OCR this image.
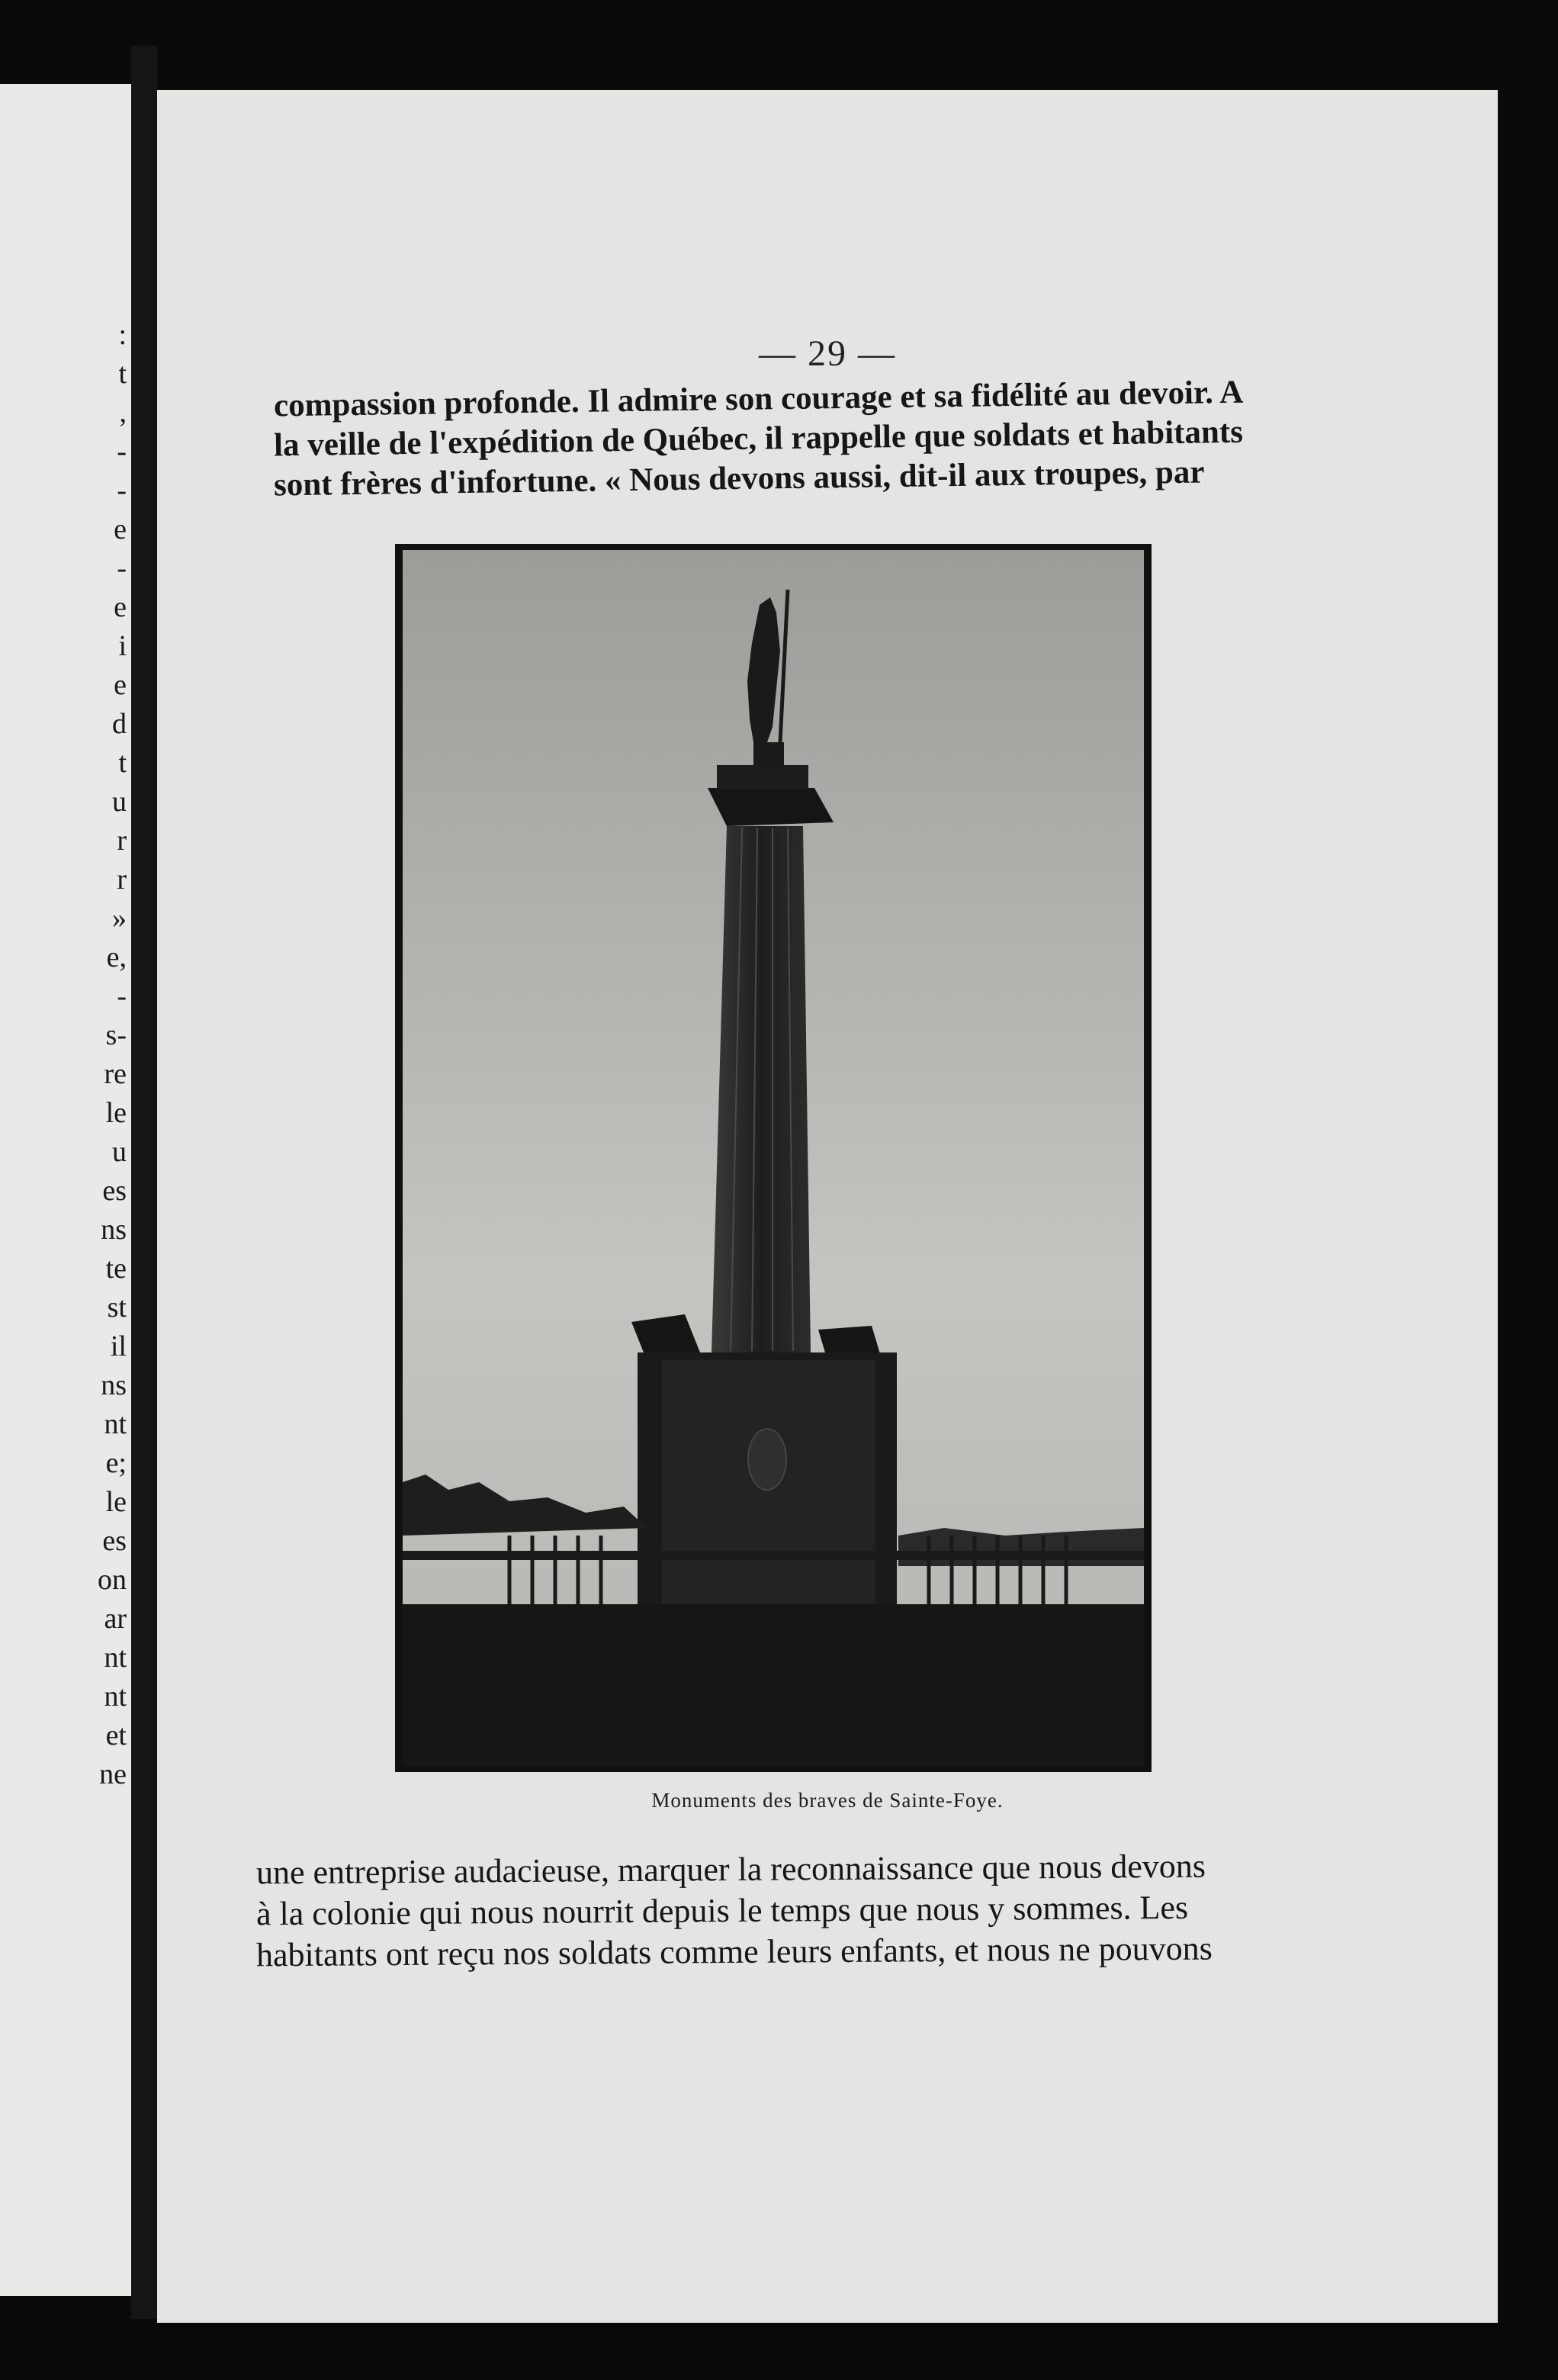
:
t
,
-
-
e
-
e
i
e
d
t
u
r
r
»
e,
-
s-
re
le
u
es
ns
te
st
il
ns
nt
e;
le
es
on
ar
nt
nt
et
ne
— 29 —
compassion profonde. Il admire son courage et sa fidélité au devoir. A
la veille de l'expédition de Québec, il rappelle que soldats et habitants
sont frères d'infortune. « Nous devons aussi, dit-il aux troupes, par
Monuments des braves de Sainte-Foye.
une entreprise audacieuse, marquer la reconnaissance que nous devons
à la colonie qui nous nourrit depuis le temps que nous y sommes. Les
habitants ont reçu nos soldats comme leurs enfants, et nous ne pouvons
